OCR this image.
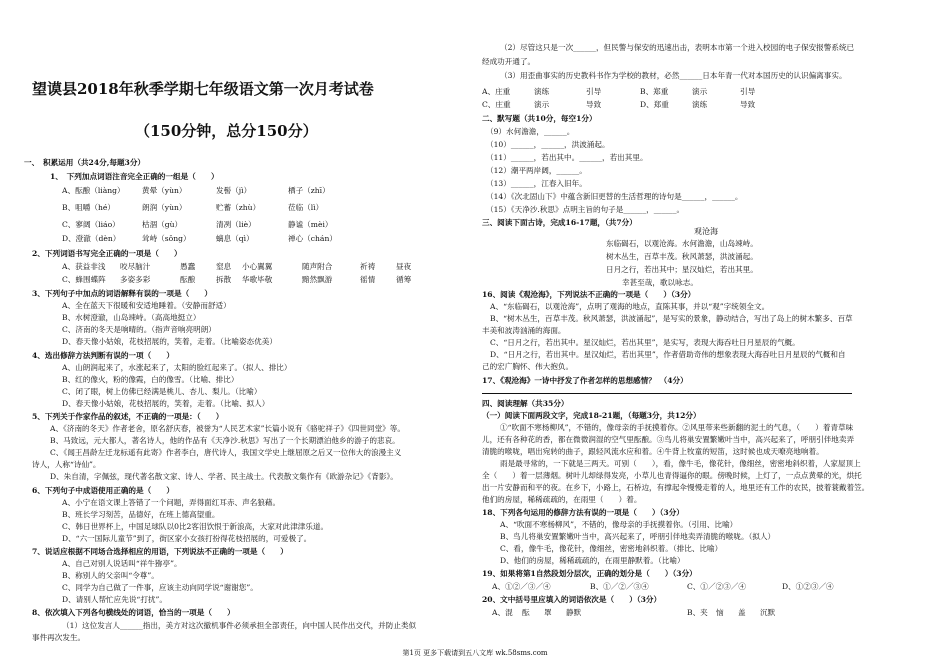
望谟县2018年秋季学期七年级语文第一次月考试卷
（150分钟，总分150分）
一、　积累运用（共24分,每题3分）
1、　下列加点词语注音完全正确的一组是（　　）
A、酝酿（liàng） 黄晕（yùn）	发髻（jì）	栖子（zhī）
B、咀嚼（hé）	朗润（yùn）	贮蓄（zhù）	莅临（lì）
C、寥阔（liáo）	枯涸（gù）	清冽（liè）	静谧（mèi）
D、澄澈（dèn）	耸峙（sǒng）	螭息（qì）	禅心（chán）
2、下列词语书写完全正确的一项是（　　）
A、获益非浅 咬尽脑汁	愚蠢	窒息 小心翼翼	随声附合	祈祷	昼夜
C、蜂围蝶阵 多姿多彩	酝酿	拆散 华歌毕敬	黯然飘游	徭情	循筹
3、下列句子中加点的词语解释有误的一项是（　　）
A、全在蓝天下很暖和安适地睡着。（安静而舒适）
B、水树澄澈，山岛竦峙。（高高地挺立）
C、济南的冬天是响晴的。（指声音响亮明朗）
D、春天像小姑娘，花枝招展的，笑着，走着。（比喻姿态优美）
4、选出修辞方法判断有误的一项（　　）
A、山朗润起来了，水涨起来了，太阳的脸红起来了。（拟人、排比）
B、红的像火，粉的像霞，白的像雪。（比喻、排比）
C、闭了眼，树上仿佛已经满是桃儿、杏儿、梨儿。（比喻）
D、春天像小姑娘，花枝招展的，笑着，走着。（比喻、拟人）
5、下列关于作家作品的叙述，不正确的一项是：（　　）
A、《济南的冬天》作者老舍，原名舒庆春，被誉为“人民艺术家”长篇小说有《骆驼祥子》《四世同堂》等。
B、马致远，元大都人，著名诗人，他的作品有《天净沙.秋思》写出了一个长期漂泊他乡的游子的悲哀。
C、《闻王昌龄左迁龙标遥有此寄》作者李白，唐代诗人，我国文学史上继屈原之后又一位伟大的浪漫主义
诗人，人称“诗仙”。
D、朱自清，字佩弦，现代著名散文家、诗人、学者、民主战士。代表散文集作有《欧游杂记》《背影》。
6、下列句子中成语使用正确的是（　　）
A、小宁在语文课上答错了一个问题，弄得面红耳赤、声名狼藉。
B、班长学习刻苦，品德好，在班上德高望重。
C、韩日世界杯上，中国足球队以0比2客泪饮恨于新浪高，大家对此津津乐道。
D、“六一国际儿童节”到了，街区家小女孩打扮得花枝招展的，可爱极了。
7、说话应根据不同场合选择相应的用语，下列说法不正确的一项是（　　）
A、自己对别人说话叫“祥牛猕亭”。
B、称别人的父亲叫“令尊”。
C、同学为自己做了一件事，应该主动向同学说“谢谢您”。
D、请别人帮忙应先说“打扰”。
8、依次填入下列各句横线处的词语，恰当的一项是（　　）
（1）这位发言人______指出，美方对这次撤机事件必须承担全部责任，向中国人民作出交代，并防止类似
事件再次发生。
（2）尽管这只是一次______，但民警与保安的迅速出击，表明本市第一个进入校园的电子保安报警系统已
经成功开通了。
（3）用歪曲事实的历史教科书作为学校的教材，必然______日本年青一代对本国历史的认识偏离事实。
A、庄重	演练	引导	B、郑重	演示	引导
C、庄重	演示	导致	D、郑重	演练	导致
二、默写题（共10分，每空1分）
（9）水何澹澹，______。
（10）______，______，洪波涌起。
（11）______，若出其中。______，若出其里。
（12）潮平两岸阔，______。
（13）______，江春入旧年。
（14）《次北固山下》中蕴含新旧更替的生活哲理的诗句是______，______。
（15）《天净沙.秋思》点明主旨的句子是______，______。
三、阅读下面古诗，完成16-17题，（共7分）
观沧海
东临碣石，以观沧海。水何澹澹，山岛竦峙。
树木丛生，百草丰茂。秋风萧瑟，洪波涌起。
日月之行，若出其中；星汉灿烂，若出其里。
幸甚至哉，歌以咏志。
16、阅读《观沧海》，下列说法不正确的一项是（　　）（3分）
A、“东临碣石，以观沧海”，点明了观海的地点，直陈其事，并以“观”字统领全文。
B、“树木丛生，百草丰茂。秋风萧瑟，洪波涌起”，是写实的景象，静动结合，写出了岛上的树木繁多、百草
丰美和波涛汹涌的海面。
C、“日月之行，若出其中。星汉灿烂，若出其里”，是实写，表现大海吞吐日月星辰的气概。
D、“日月之行，若出其中。星汉灿烂，若出其里”，作者借助奇伟的想象表现大海吞吐日月星辰的气概和自
己的宏广胸怀、伟大抱负。
17、《观沧海》一诗中抒发了作者怎样的思想感情？　（4分）
四、阅读理解（共35分）
（一）阅读下面两段文字，完成18-21题，（每题3分，共12分）
①“吹面不寒杨柳风”，不错的，像母亲的手抚摸着你。②风里带来些新翻的泥土的气息，（　　）着青草味
儿，还有各种花的香，都在微微润湿的空气里酝酿。③鸟儿将巢安置繁嫩叶当中，高兴起来了，呼朋引伴地卖弄
清脆的喉咙，唱出宛转的曲子，跟轻风流水应和着。④牛背上牧童的短笛，这时候也成天嘹亮地响着。
雨是最寻常的，一下就是三两天。可别（　　），看，像牛毛，像花针，像细丝，密密地斜织着，人家屋顶上
全（　　）着一层薄烟。树叶儿却绿得发亮，小草儿也青得逼你的眼。傍晚时候，上灯了，一点点黄晕的光，烘托
出一片安静而和平的夜。在乡下，小路上，石桥边，有撑起伞慢慢走着的人，地里还有工作的农民，披着蓑戴着笠。
他们的房屋，稀稀疏疏的，在雨里（　　）着。
18、下列各句运用的修辞方法有误的一项是（　　）（3分）
A、“吹面不寒杨柳风”，不错的，像母亲的手抚摸着你。（引用、比喻）
B、鸟儿将巢安置繁嫩叶当中，高兴起来了，呼朋引伴地卖弄清脆的喉咙。（拟人）
C、看，像牛毛，像花针，像细丝，密密地斜织着。（排比、比喻）
D、他们的房屋，稀稀疏疏的，在雨里静默着。（比喻）
19、如果将第1自然段划分层次，正确的划分是（　　）（3分）
A、①②／③／④	B、①／②／③④	C、①／②③／④	D、①②③／④
20、文中括号里应填入的词语依次是（　　）（3分）
A、混 酝 罩 静默	B、夹 恼 盖 沉默
第1页 更多下载请到五八文库 wk.58sms.com
